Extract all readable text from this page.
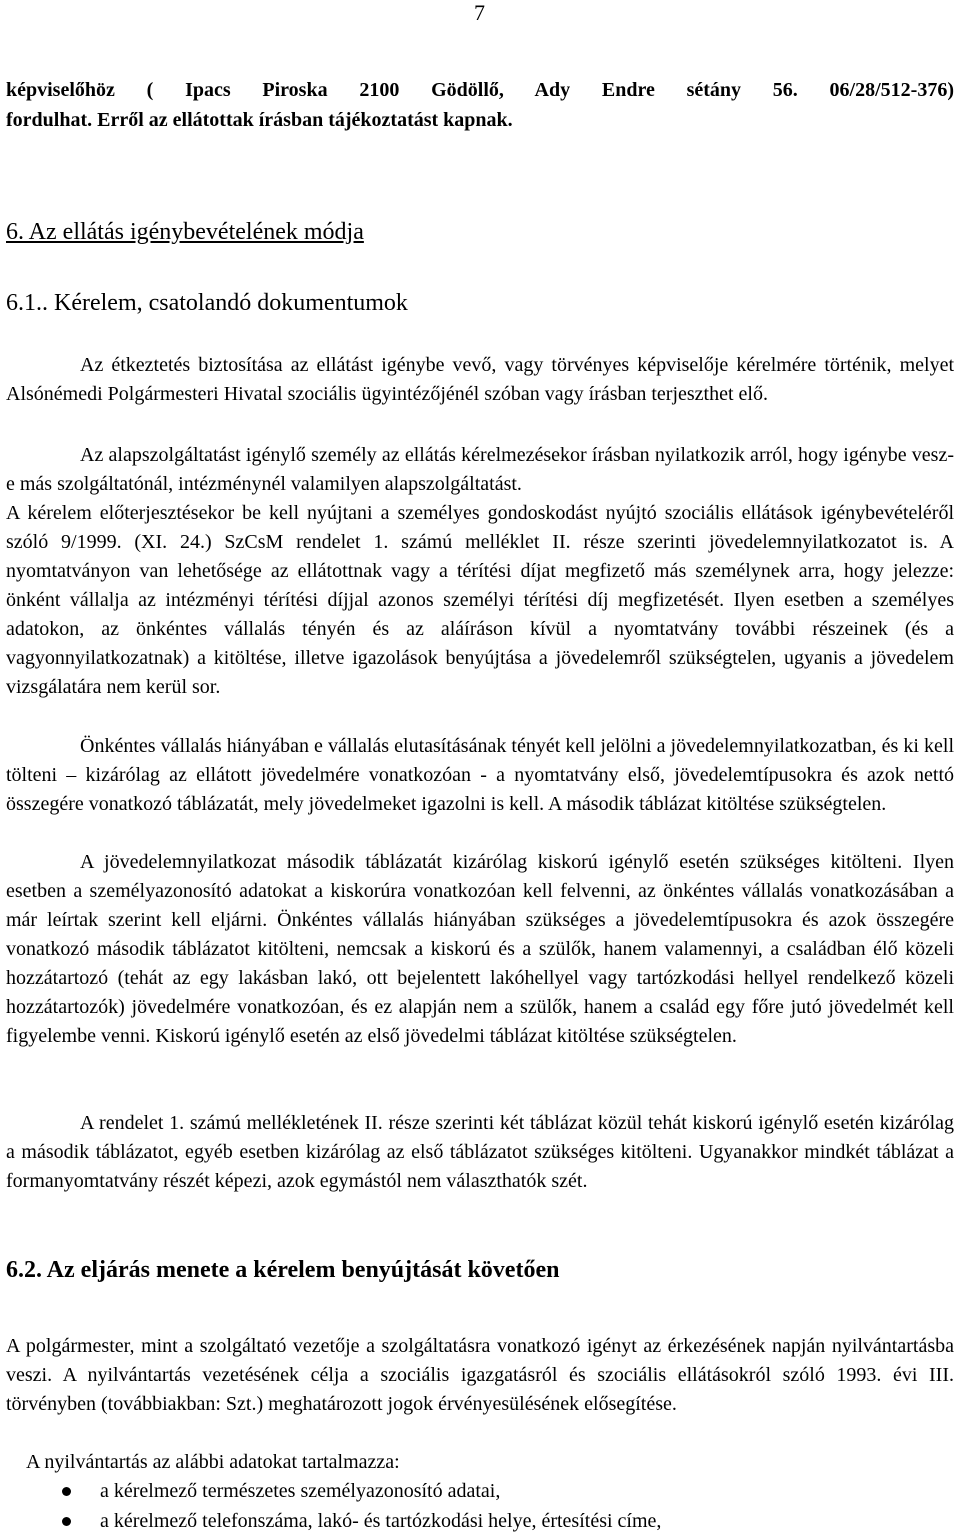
7
képviselőhöz ( Ipacs Piroska 2100 Gödöllő, Ady Endre sétány 56. 06/28/512-376)
fordulhat. Erről az ellátottak írásban tájékoztatást kapnak.
6. Az ellátás igénybevételének módja
6.1.. Kérelem, csatolandó dokumentumok

Az étkeztetés biztosítása az ellátást igénybe vevő, vagy törvényes képviselője kérelmére történik, melyet Alsónémedi Polgármesteri Hivatal szociális ügyintézőjénél szóban vagy írásban terjeszthet elő.

Az alapszolgáltatást igénylő személy az ellátás kérelmezésekor írásban nyilatkozik arról, hogy igénybe vesz-e más szolgáltatónál, intézménynél valamilyen alapszolgáltatást.

A kérelem előterjesztésekor be kell nyújtani a személyes gondoskodást nyújtó szociális ellátások igénybevételéről szóló 9/1999. (XI. 24.) SzCsM rendelet 1. számú melléklet II. része szerinti jövedelemnyilatkozatot is. A nyomtatványon van lehetősége az ellátottnak vagy a térítési díjat megfizető más személynek arra, hogy jelezze: önként vállalja az intézményi térítési díjjal azonos személyi térítési díj megfizetését. Ilyen esetben a személyes adatokon, az önkéntes vállalás tényén és az aláíráson kívül a nyomtatvány további részeinek (és a vagyonnyilatkozatnak) a kitöltése, illetve igazolások benyújtása a jövedelemről szükségtelen, ugyanis a jövedelem vizsgálatára nem kerül sor.

Önkéntes vállalás hiányában e vállalás elutasításának tényét kell jelölni a jövedelemnyilatkozatban, és ki kell tölteni – kizárólag az ellátott jövedelmére vonatkozóan - a nyomtatvány első, jövedelemtípusokra és azok nettó összegére vonatkozó táblázatát, mely jövedelmeket igazolni is kell. A második táblázat kitöltése szükségtelen.

A jövedelemnyilatkozat második táblázatát kizárólag kiskorú igénylő esetén szükséges kitölteni. Ilyen esetben a személyazonosító adatokat a kiskorúra vonatkozóan kell felvenni, az önkéntes vállalás vonatkozásában a már leírtak szerint kell eljárni. Önkéntes vállalás hiányában szükséges a jövedelemtípusokra és azok összegére vonatkozó második táblázatot kitölteni, nemcsak a kiskorú és a szülők, hanem valamennyi, a családban élő közeli hozzátartozó (tehát az egy lakásban lakó, ott bejelentett lakóhellyel vagy tartózkodási hellyel rendelkező közeli hozzátartozók) jövedelmére vonatkozóan, és ez alapján nem a szülők, hanem a család egy főre jutó jövedelmét kell figyelembe venni. Kiskorú igénylő esetén az első jövedelmi táblázat kitöltése szükségtelen.

A rendelet 1. számú mellékletének II. része szerinti két táblázat közül tehát kiskorú igénylő esetén kizárólag a második táblázatot, egyéb esetben kizárólag az első táblázatot szükséges kitölteni. Ugyanakkor mindkét táblázat a formanyomtatvány részét képezi, azok egymástól nem választhatók szét.

6.2. Az eljárás menete a kérelem benyújtását követően

A polgármester, mint a szolgáltató vezetője a szolgáltatásra vonatkozó igényt az érkezésének napján nyilvántartásba veszi. A nyilvántartás vezetésének célja a szociális igazgatásról és szociális ellátásokról szóló 1993. évi III. törvényben (továbbiakban: Szt.) meghatározott jogok érvényesülésének elősegítése.

A nyilvántartás az alábbi adatokat tartalmazza:

a kérelmező természetes személyazonosító adatai,
a kérelmező telefonszáma, lakó- és tartózkodási helye, értesítési címe,
